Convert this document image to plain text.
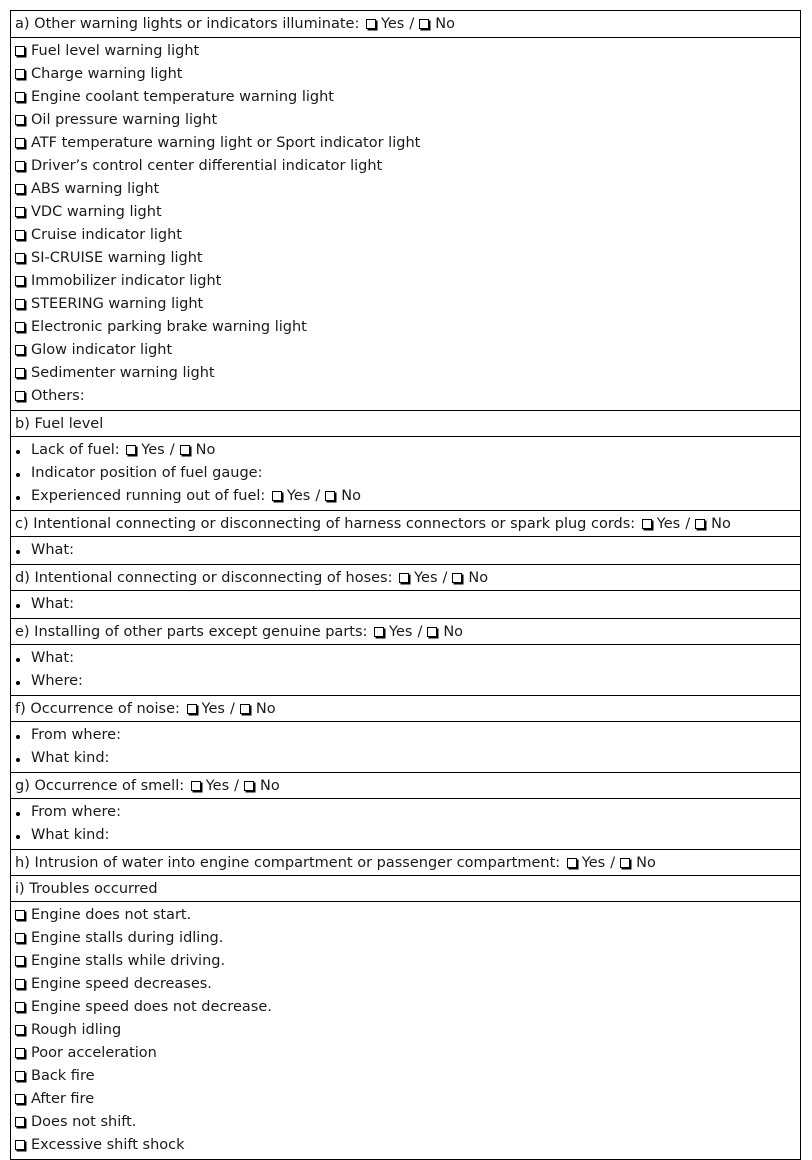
a) Other warning lights or indicators illuminate: Yes / No
Fuel level warning light
Charge warning light
Engine coolant temperature warning light
Oil pressure warning light
ATF temperature warning light or Sport indicator light
Driver’s control center differential indicator light
ABS warning light
VDC warning light
Cruise indicator light
SI-CRUISE warning light
Immobilizer indicator light
STEERING warning light
Electronic parking brake warning light
Glow indicator light
Sedimenter warning light
Others:
b) Fuel level
Lack of fuel: Yes / No
Indicator position of fuel gauge:
Experienced running out of fuel: Yes / No
c) Intentional connecting or disconnecting of harness connectors or spark plug cords: Yes / No
What:
d) Intentional connecting or disconnecting of hoses: Yes / No
What:
e) Installing of other parts except genuine parts: Yes / No
What:
Where:
f) Occurrence of noise: Yes / No
From where:
What kind:
g) Occurrence of smell: Yes / No
From where:
What kind:
h) Intrusion of water into engine compartment or passenger compartment: Yes / No
i) Troubles occurred
Engine does not start.
Engine stalls during idling.
Engine stalls while driving.
Engine speed decreases.
Engine speed does not decrease.
Rough idling
Poor acceleration
Back fire
After fire
Does not shift.
Excessive shift shock
